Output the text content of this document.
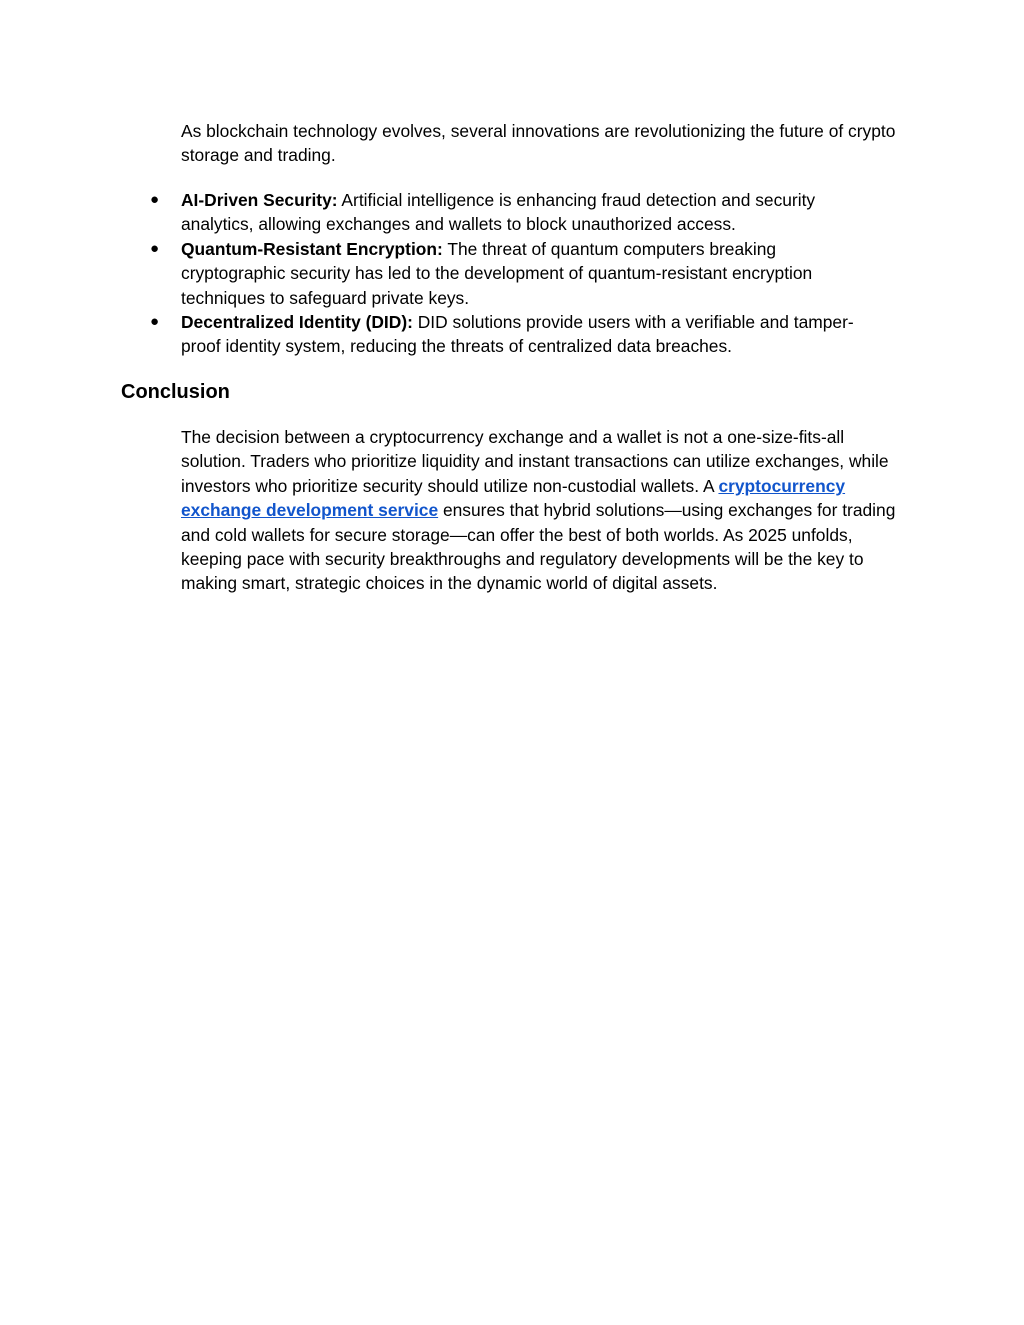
As blockchain technology evolves, several innovations are revolutionizing the future of crypto storage and trading.

● AI-Driven Security: Artificial intelligence is enhancing fraud detection and security analytics, allowing exchanges and wallets to block unauthorized access.
● Quantum-Resistant Encryption: The threat of quantum computers breaking cryptographic security has led to the development of quantum-resistant encryption techniques to safeguard private keys.
● Decentralized Identity (DID): DID solutions provide users with a verifiable and tamper-proof identity system, reducing the threats of centralized data breaches.
Conclusion

The decision between a cryptocurrency exchange and a wallet is not a one-size-fits-all solution. Traders who prioritize liquidity and instant transactions can utilize exchanges, while investors who prioritize security should utilize non-custodial wallets. A cryptocurrency exchange development service ensures that hybrid solutions—using exchanges for trading and cold wallets for secure storage—can offer the best of both worlds. As 2025 unfolds, keeping pace with security breakthroughs and regulatory developments will be the key to making smart, strategic choices in the dynamic world of digital assets.
